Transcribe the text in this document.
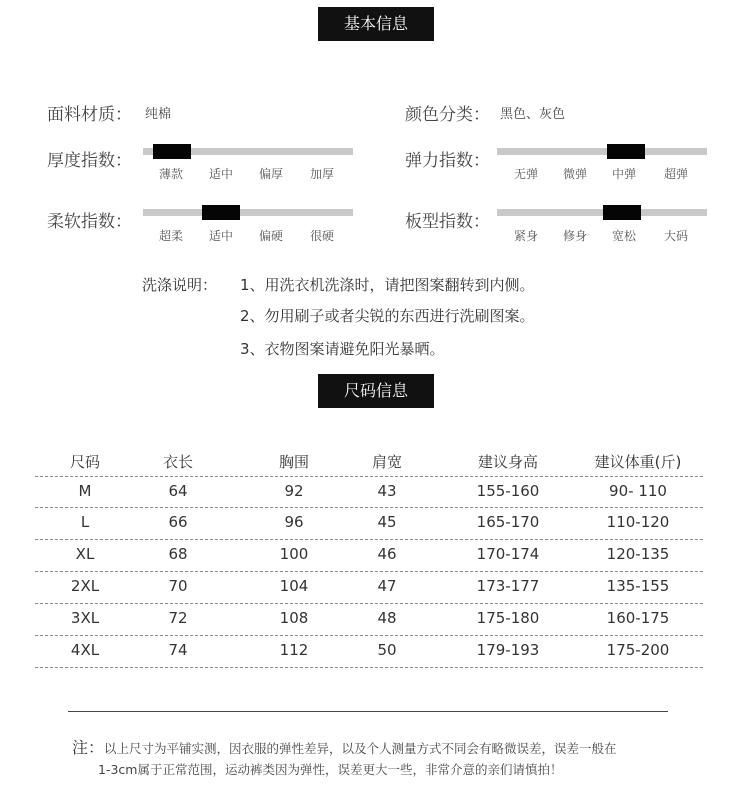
基本信息
面料材质： 纯棉	颜色分类： 黑色、灰色
厚度指数：
薄款	适中	偏厚	加厚
弹力指数：
无弹	微弹	中弹	超弹
柔软指数：
超柔	适中	偏硬	很硬
板型指数：
紧身	修身	宽松	大码
洗涤说明： 1、用洗衣机洗涤时，请把图案翻转到内侧。
2、勿用刷子或者尖锐的东西进行洗刷图案。
3、衣物图案请避免阳光暴晒。
尺码信息
尺码	衣长	胸围	肩宽	建议身高	建议体重(斤)
M	64	92	43	155-160	90- 110
L	66	96	45	165-170	110-120
XL	68	100	46	170-174	120-135
2XL	70	104	47	173-177	135-155
3XL	72	108	48	175-180	160-175
4XL	74	112	50	179-193	175-200
注：以上尺寸为平铺实测，因衣服的弹性差异，以及个人测量方式不同会有略微误差，误差一般在
1-3cm属于正常范围，运动裤类因为弹性，误差更大一些，非常介意的亲们请慎拍！
